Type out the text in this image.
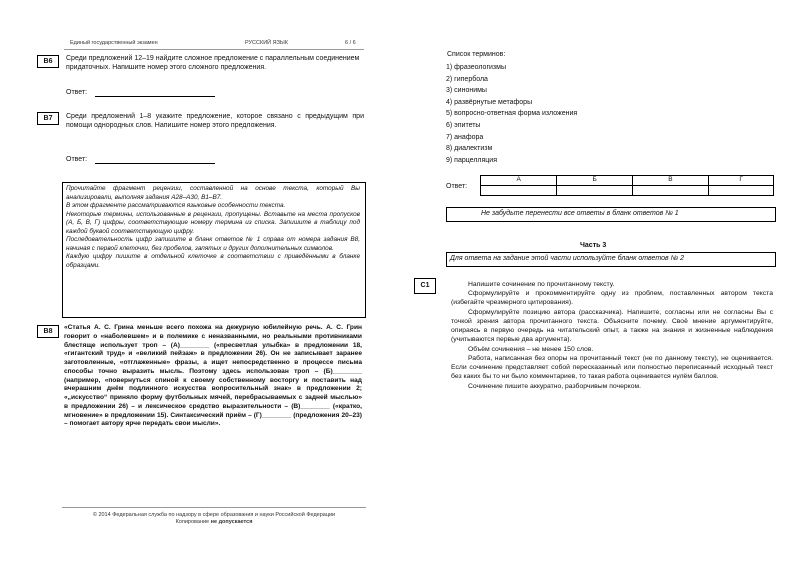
Единый государственный экзамен	РУССКИЙ ЯЗЫК	6 / 6
B6	Среди предложений 12–19 найдите сложное предложение с параллельным соединением придаточных. Напишите номер этого сложного предложения.
Ответ:
B7	Среди предложений 1–8 укажите предложение, которое связано с предыдущим при помощи однородных слов. Напишите номер этого предложения.
Ответ:
Прочитайте фрагмент рецензии, составленной на основе текста, который Вы анализировали, выполняя задания А28–А30, В1–В7.
В этом фрагменте рассматриваются языковые особенности текста.
Некоторые термины, использованные в рецензии, пропущены. Вставьте на места пропусков (А, Б, В, Г) цифры, соответствующие номеру термина из списка. Запишите в таблицу под каждой буквой соответствующую цифру.
Последовательность цифр запишите в бланк ответов № 1 справа от номера задания В8, начиная с первой клеточки, без пробелов, запятых и других дополнительных символов.
Каждую цифру пишите в отдельной клеточке в соответствии с приведёнными в бланке образцами.
B8
«Статья А. С. Грина меньше всего похожа на дежурную юбилейную речь. А. С. Грин говорит о «наболевшем» и в полемике с неназванными, но реальными противниками блестяще использует троп – (А)________ («пресветлая улыбка» в предложении 18, «гигантский труд» и «великий пейзаж» в предложении 26). Он не записывает заранее заготовленные, «отглаженные» фразы, а ищет непосредственно в процессе письма способы точно выразить мысль. Поэтому здесь использован троп – (Б)________ (например, «повернуться спиной к своему собственному восторгу и поставить над вчерашним днём подлинного искусства вопросительный знак» в предложении 2; «„искусство“ приняло форму футбольных мячей, перебрасываемых с задней мыслью» в предложении 26) – и лексическое средство выразительности – (В)________ («кратко, мгновение» в предложении 15). Синтаксический приём – (Г)________ (предложения 20–23) – помогает автору ярче передать свои мысли».
Список терминов:
1) фразеологизмы
2) гипербола
3) синонимы
4) развёрнутые метафоры
5) вопросно-ответная форма изложения
6) эпитеты
7) анафора
8) диалектизм
9) парцелляция
Ответ:
А	Б	В	Г

Не забудьте перенести все ответы в бланк ответов № 1
Часть 3
Для ответа на задание этой части используйте бланк ответов № 2
C1	Напишите сочинение по прочитанному тексту.
Сформулируйте и прокомментируйте одну из проблем, поставленных автором текста (избегайте чрезмерного цитирования).
Сформулируйте позицию автора (рассказчика). Напишите, согласны или не согласны Вы с точкой зрения автора прочитанного текста. Объясните почему. Своё мнение аргументируйте, опираясь в первую очередь на читательский опыт, а также на знания и жизненные наблюдения (учитываются первые два аргумента).
Объём сочинения – не менее 150 слов.
Работа, написанная без опоры на прочитанный текст (не по данному тексту), не оценивается. Если сочинение представляет собой пересказанный или полностью переписанный исходный текст без каких бы то ни было комментариев, то такая работа оценивается нулём баллов.
Сочинение пишите аккуратно, разборчивым почерком.
© 2014 Федеральная служба по надзору в сфере образования и науки Российской Федерации
Копирование не допускается
